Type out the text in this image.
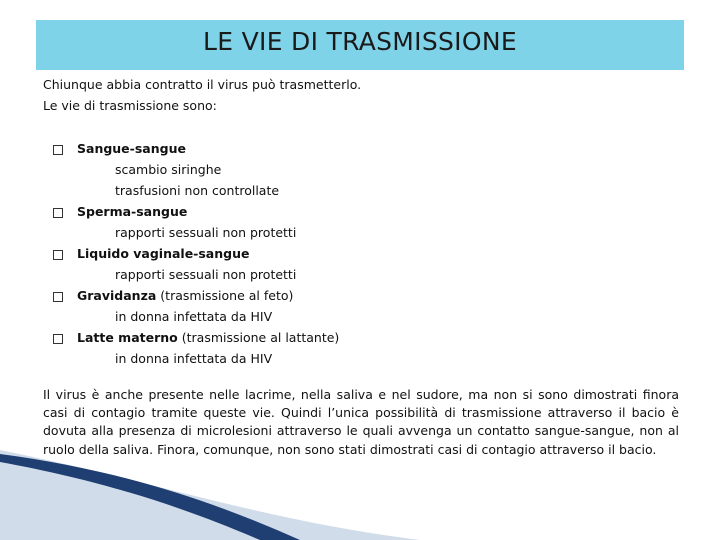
LE VIE DI TRASMISSIONE
Chiunque abbia contratto il virus può trasmetterlo.
Le vie di trasmissione sono:
Sangue-sangue
scambio siringhe
trasfusioni non controllate
Sperma-sangue
rapporti sessuali non protetti
Liquido vaginale-sangue
rapporti sessuali non protetti
Gravidanza (trasmissione al feto)
in donna infettata da HIV
Latte materno (trasmissione al lattante)
in donna infettata da HIV
Il virus è anche presente nelle lacrime, nella saliva e nel sudore, ma non si sono dimostrati finora
casi di contagio tramite queste vie. Quindi l’unica possibilità di trasmissione attraverso il bacio è
dovuta alla presenza di microlesioni attraverso le quali avvenga un contatto sangue-sangue, non al
ruolo della saliva. Finora, comunque, non sono stati dimostrati casi di contagio attraverso il bacio.
